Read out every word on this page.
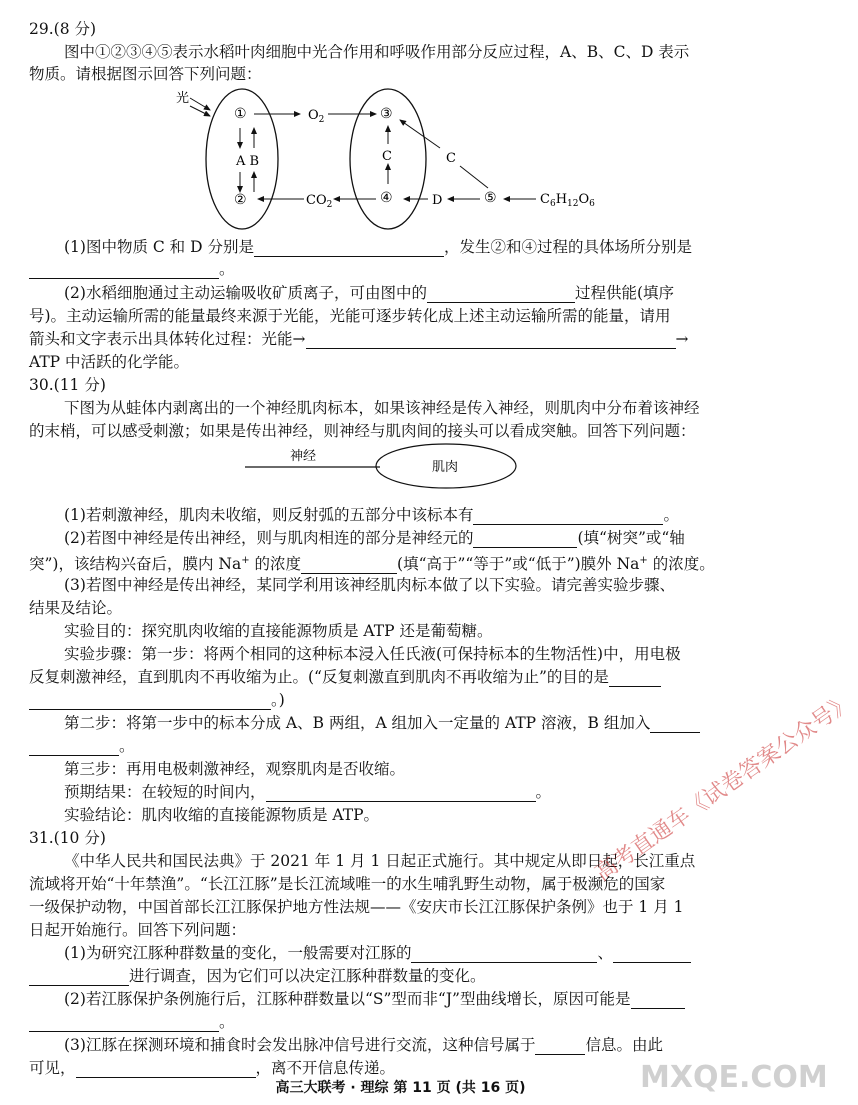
29.(8 分)
图中①②③④⑤表示水稻叶肉细胞中光合作用和呼吸作用部分反应过程，A、B、C、D 表示
物质。请根据图示回答下列问题：
光
①
A B
②
$O_2$
$CO_2$
③
C
④	D	⑤
C
$C_6H_{12}O_6$
(1)图中物质 C 和 D 分别是	，发生②和④过程的具体场所分别是
。
(2)水稻细胞通过主动运输吸收矿质离子，可由图中的	过程供能(填序
号)。主动运输所需的能量最终来源于光能，光能可逐步转化成上述主动运输所需的能量，请用
箭头和文字表示出具体转化过程：光能→	→
ATP 中活跃的化学能。
30.(11 分)
下图为从蛙体内剥离出的一个神经肌肉标本，如果该神经是传入神经，则肌肉中分布着该神经
的末梢，可以感受刺激；如果是传出神经，则神经与肌肉间的接头可以看成突触。回答下列问题：
神经
肌肉
(1)若刺激神经，肌肉未收缩，则反射弧的五部分中该标本有	。
(2)若图中神经是传出神经，则与肌肉相连的部分是神经元的	(填“树突”或“轴
突”)，该结构兴奋后，膜内 Na+ 的浓度	(填“高于”“等于”或“低于”)膜外 Na+ 的浓度。
(3)若图中神经是传出神经，某同学利用该神经肌肉标本做了以下实验。请完善实验步骤、
结果及结论。
实验目的：探究肌肉收缩的直接能源物质是 ATP 还是葡萄糖。
实验步骤：第一步：将两个相同的这种标本浸入任氏液(可保持标本的生物活性)中，用电极
反复刺激神经，直到肌肉不再收缩为止。(“反复刺激直到肌肉不再收缩为止”的目的是
。)
第二步：将第一步中的标本分成 A、B 两组，A 组加入一定量的 ATP 溶液，B 组加入
。
第三步：再用电极刺激神经，观察肌肉是否收缩。
预期结果：在较短的时间内，	。
实验结论：肌肉收缩的直接能源物质是 ATP。
31.(10 分)
《中华人民共和国民法典》于 2021 年 1 月 1 日起正式施行。其中规定从即日起，长江重点
流域将开始“十年禁渔”。“长江江豚”是长江流域唯一的水生哺乳野生动物，属于极濒危的国家
一级保护动物，中国首部长江江豚保护地方性法规——《安庆市长江江豚保护条例》也于 1 月 1
日起开始施行。回答下列问题：
(1)为研究江豚种群数量的变化，一般需要对江豚的	、
进行调查，因为它们可以决定江豚种群数量的变化。
(2)若江豚保护条例施行后，江豚种群数量以“S”型而非“J”型曲线增长，原因可能是
。
(3)江豚在探测环境和捕食时会发出脉冲信号进行交流，这种信号属于	信息。由此
可见，	，离不开信息传递。
高三大联考 · 理综 第 11 页 (共 16 页)
高考直通车《试卷答案公众号》
MXQE.COM
